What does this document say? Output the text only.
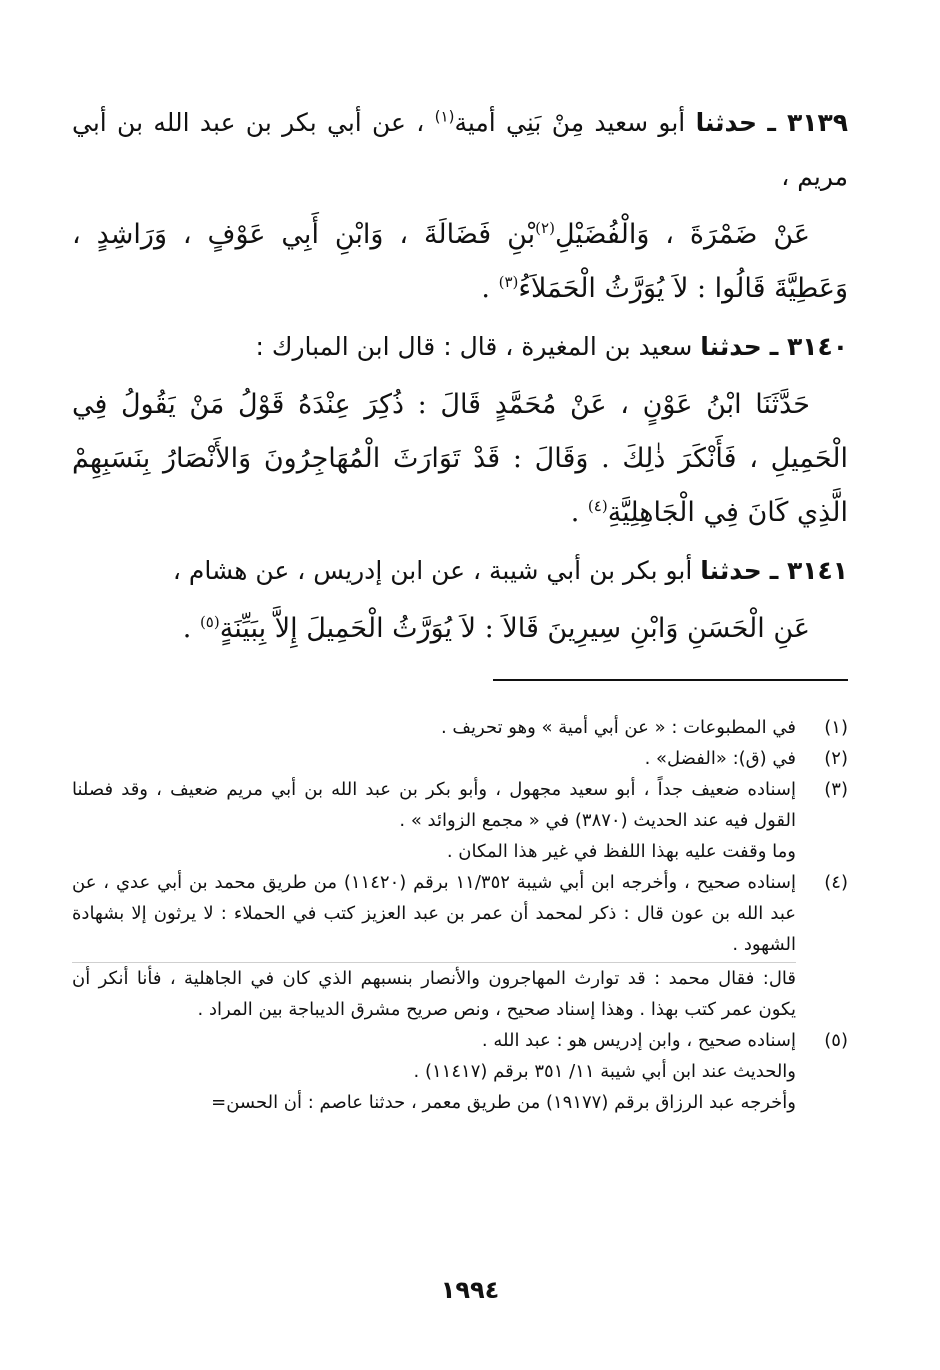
٣١٣٩ ـ حدثنا أبو سعيد مِنْ بَنِي أمية$^{(١)}$ ، عن أبي بكر بن عبد الله بن أبي مريم ،

عَنْ ضَمْرَةَ ، وَالْفُضَيْلِ$^{(٢)}$بْنِ فَضَالَةَ ، وَابْنِ أَبِي عَوْفٍ ، وَرَاشِدٍ ، وَعَطِيَّةَ قَالُوا : لاَ يُوَرَّثُ الْحَمَلاَءُ$^{(٣)}$ .

٣١٤٠ ـ حدثنا سعيد بن المغيرة ، قال : قال ابن المبارك :

حَدَّثَنَا ابْنُ عَوْنٍ ، عَنْ مُحَمَّدٍ قَالَ : ذُكِرَ عِنْدَهُ قَوْلُ مَنْ يَقُولُ فِي الْحَمِيلِ ، فَأَنْكَرَ ذٰلِكَ . وَقَالَ : قَدْ تَوَارَثَ الْمُهَاجِرُونَ وَالأَنْصَارُ بِنَسَبِهِمْ الَّذِي كَانَ فِي الْجَاهِلِيَّةِ$^{(٤)}$ .

٣١٤١ ـ حدثنا أبو بكر بن أبي شيبة ، عن ابن إدريس ، عن هشام ،

عَنِ الْحَسَنِ وَابْنِ سِيرِينَ قَالاَ : لاَ يُوَرَّثُ الْحَمِيلَ إِلاَّ بِبَيِّنَةٍ$^{(٥)}$ .

(١)
في المطبوعات : « عن أبي أمية » وهو تحريف .
(٢)
في (ق): «الفضل» .
(٣)
إسناده ضعيف جداً ، أبو سعيد مجهول ، وأبو بكر بن عبد الله بن أبي مريم ضعيف ، وقد فصلنا القول فيه عند الحديث (٣٨٧٠) في « مجمع الزوائد » .
وما وقفت عليه بهذا اللفظ في غير هذا المكان .
(٤)
إسناده صحيح ، وأخرجه ابن أبي شيبة ١١/٣٥٢ برقم (١١٤٢٠) من طريق محمد بن أبي عدي ، عن عبد الله بن عون قال : ذكر لمحمد أن عمر بن عبد العزيز كتب في الحملاء : لا يرثون إلا بشهادة الشهود .
قال: فقال محمد : قد توارث المهاجرون والأنصار بنسبهم الذي كان في الجاهلية ، فأنا أنكر أن يكون عمر كتب بهذا . وهذا إسناد صحيح ، ونص صريح مشرق الديباجة بين المراد .
(٥)
إسناده صحيح ، وابن إدريس هو : عبد الله .
والحديث عند ابن أبي شيبة ١١/ ٣٥١ برقم (١١٤١٧) .
وأخرجه عبد الرزاق برقم (١٩١٧٧) من طريق معمر ، حدثنا عاصم : أن الحسن=
١٩٩٤
